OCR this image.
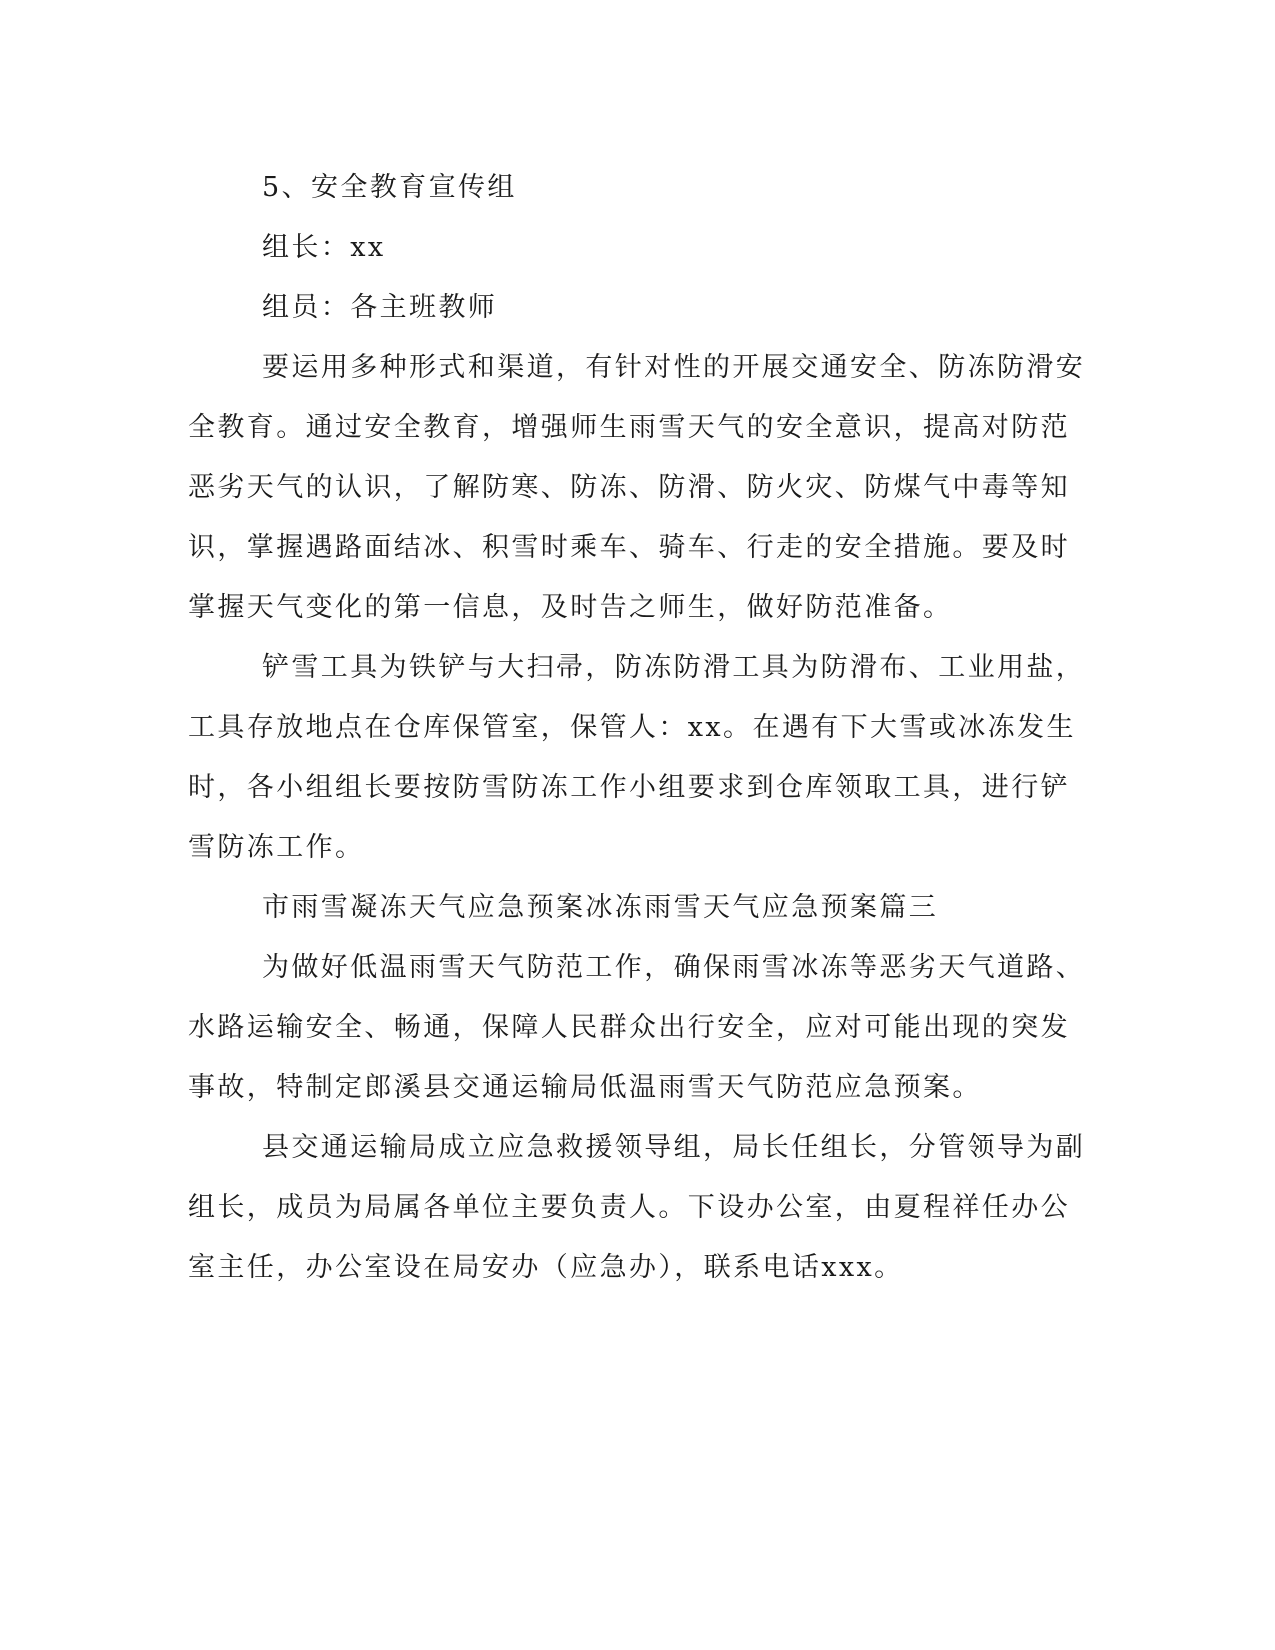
5、安全教育宣传组
组长：xx
组员：各主班教师
要运用多种形式和渠道，有针对性的开展交通安全、防冻防滑安
全教育。通过安全教育，增强师生雨雪天气的安全意识，提高对防范
恶劣天气的认识，了解防寒、防冻、防滑、防火灾、防煤气中毒等知
识，掌握遇路面结冰、积雪时乘车、骑车、行走的安全措施。要及时
掌握天气变化的第一信息，及时告之师生，做好防范准备。
铲雪工具为铁铲与大扫帚，防冻防滑工具为防滑布、工业用盐，
工具存放地点在仓库保管室，保管人：xx。在遇有下大雪或冰冻发生
时，各小组组长要按防雪防冻工作小组要求到仓库领取工具，进行铲
雪防冻工作。
市雨雪凝冻天气应急预案冰冻雨雪天气应急预案篇三
为做好低温雨雪天气防范工作，确保雨雪冰冻等恶劣天气道路、
水路运输安全、畅通，保障人民群众出行安全，应对可能出现的突发
事故，特制定郎溪县交通运输局低温雨雪天气防范应急预案。
县交通运输局成立应急救援领导组，局长任组长，分管领导为副
组长，成员为局属各单位主要负责人。下设办公室，由夏程祥任办公
室主任，办公室设在局安办（应急办），联系电话xxx。
